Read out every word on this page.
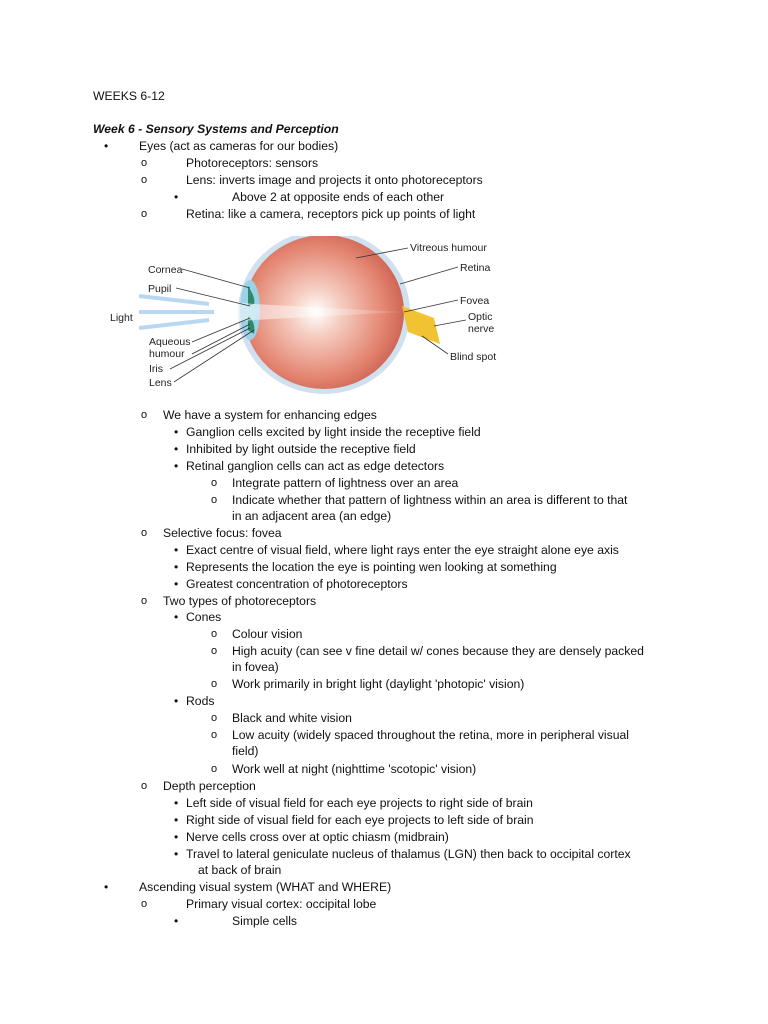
WEEKS 6-12
Week 6 - Sensory Systems and Perception
•
Eyes (act as cameras for our bodies)
o
Photoreceptors: sensors
o
Lens: inverts image and projects it onto photoreceptors
•
Above 2 at opposite ends of each other
o
Retina: like a camera, receptors pick up points of light
Cornea
Pupil
Light
Aqueous
humour
Iris
Lens
Vitreous humour
Retina
Fovea
Optic
nerve
Blind spot
o
We have a system for enhancing edges
•
Ganglion cells excited by light inside the receptive field
•
Inhibited by light outside the receptive field
•
Retinal ganglion cells can act as edge detectors
o
Integrate pattern of lightness over an area
o
Indicate whether that pattern of lightness within an area is different to that
in an adjacent area (an edge)
o
Selective focus: fovea
•
Exact centre of visual field, where light rays enter the eye straight alone eye axis
•
Represents the location the eye is pointing wen looking at something
•
Greatest concentration of photoreceptors
o
Two types of photoreceptors
•
Cones
o
Colour vision
o
High acuity (can see v fine detail w/ cones because they are densely packed
in fovea)
o
Work primarily in bright light (daylight 'photopic' vision)
•
Rods
o
Black and white vision
o
Low acuity (widely spaced throughout the retina, more in peripheral visual
field)
o
Work well at night (nighttime 'scotopic' vision)
o
Depth perception
•
Left side of visual field for each eye projects to right side of brain
•
Right side of visual field for each eye projects to left side of brain
•
Nerve cells cross over at optic chiasm (midbrain)
•
Travel to lateral geniculate nucleus of thalamus (LGN) then back to occipital cortex
at back of brain
•
Ascending visual system (WHAT and WHERE)
o
Primary visual cortex: occipital lobe
•
Simple cells
